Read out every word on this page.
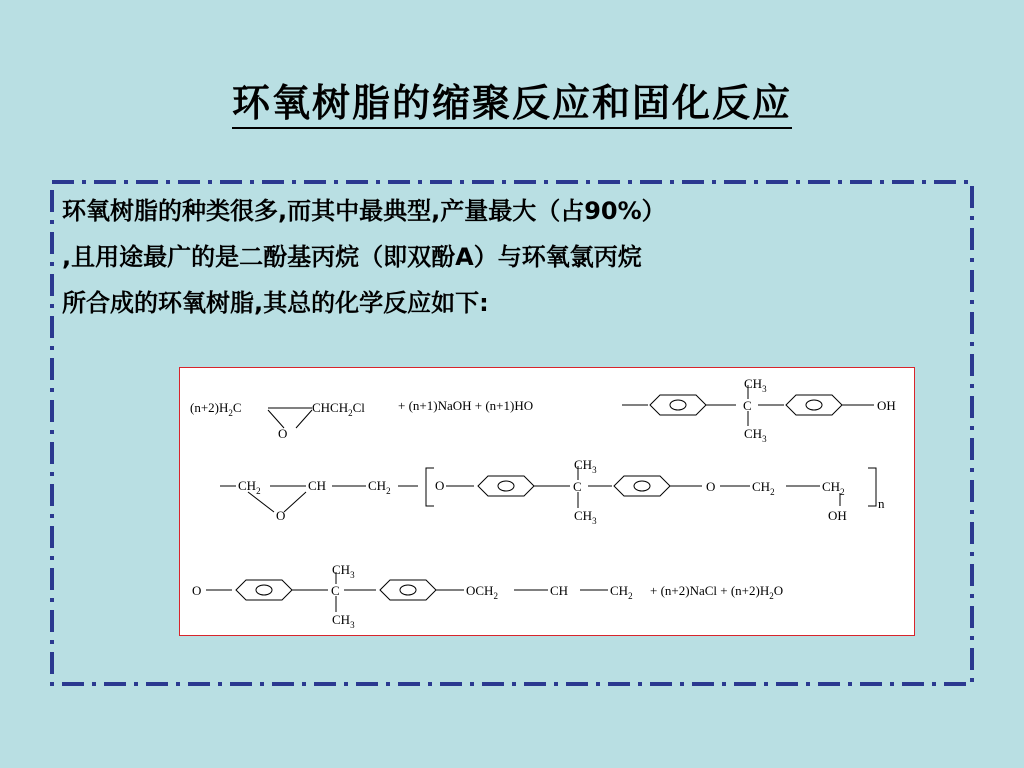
环氧树脂的缩聚反应和固化反应
环氧树脂的种类很多,而其中最典型,产量最大（占90%）
,且用途最广的是二酚基丙烷（即双酚A）与环氧氯丙烷
所合成的环氧树脂,其总的化学反应如下:
$(n+2)H_2C$
O
$CHCH_2Cl$	+ (n+1)NaOH + (n+1)HO
$CH_3$
C
$CH_3$
OH
$CH_2$	CH
O
$CH_2$	O
$CH_3$
C
$CH_3$
O	$CH_2$	$CH_2$
OH
n
O
$CH_3$
C
$CH_3$
$OCH_2$	CH	$CH_2$ + (n+2)NaCl + $(n+2)H_2O$
